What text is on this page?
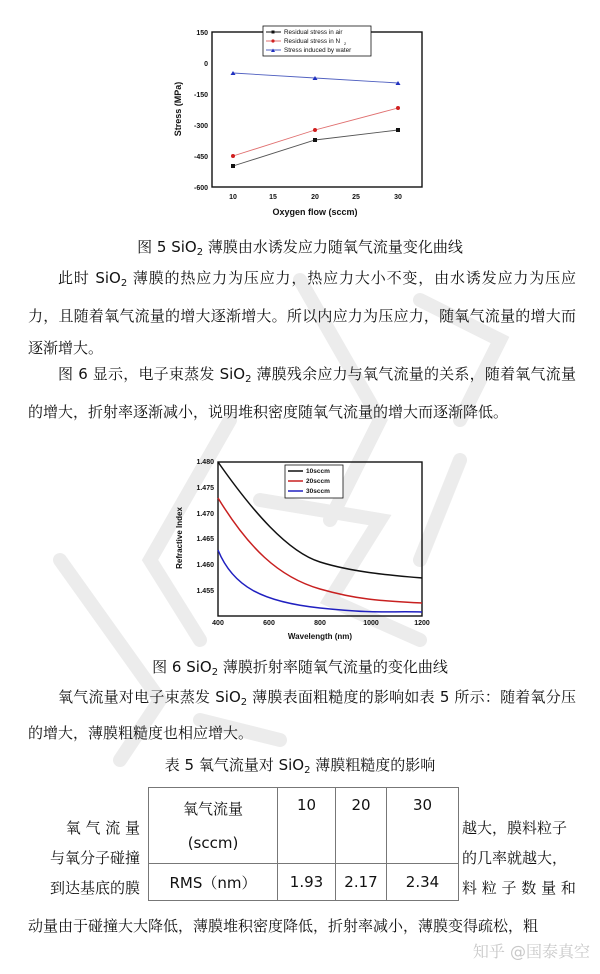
150
0
-150
-300
-450
-600
10	15	20	25	30
Oxygen flow (sccm)
Stress (MPa)
Residual stress in air
Residual stress in N 2
Stress induced by water
图 5 SiO$_2$ 薄膜由水诱发应力随氧气流量变化曲线
此时 SiO$_2$ 薄膜的热应力为压应力，热应力大小不变，由水诱发应力为压应力，且随着氧气流量的增大逐渐增大。所以内应力为压应力，随氧气流量的增大而逐渐增大。
图 6 显示，电子束蒸发 SiO$_2$ 薄膜残余应力与氧气流量的关系，随着氧气流量的增大，折射率逐渐减小，说明堆积密度随氧气流量的增大而逐渐降低。
1.480
1.475
1.470
1.465
1.460
1.455
400	600	800	1000	1200
Wavelength (nm)
Refractive Index
10sccm
20sccm
30sccm
图 6 SiO$_2$ 薄膜折射率随氧气流量的变化曲线
氧气流量对电子束蒸发 SiO$_2$ 薄膜表面粗糙度的影响如表 5 所示：随着氧分压的增大，薄膜粗糙度也相应增大。
表 5 氧气流量对 SiO$_2$ 薄膜粗糙度的影响
氧气流量
(sccm)	10	20	30
RMS（nm）	1.93	2.17	2.34
氧 气 流 量
与氧分子碰撞
到达基底的膜
越大，膜料粒子
的几率就越大，
料 粒 子 数 量 和
动量由于碰撞大大降低，薄膜堆积密度降低，折射率减小，薄膜变得疏松，粗
知乎 @国泰真空
